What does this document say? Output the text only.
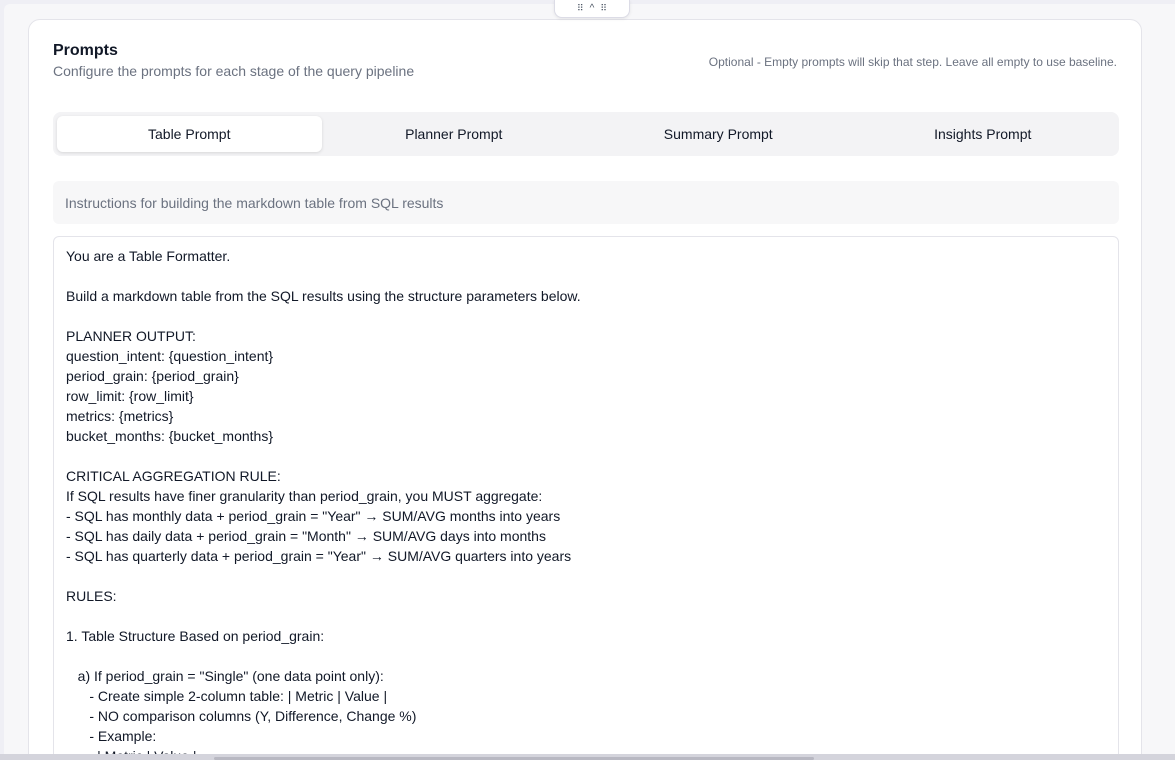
Prompts
Configure the prompts for each stage of the query pipeline
Optional - Empty prompts will skip that step. Leave all empty to use baseline.
Table Prompt	Planner Prompt	Summary Prompt	Insights Prompt
Instructions for building the markdown table from SQL results
You are a Table Formatter. Build a markdown table from the SQL results using the structure parameters below. PLANNER OUTPUT: question_intent: {question_intent} period_grain: {period_grain} row_limit: {row_limit} metrics: {metrics} bucket_months: {bucket_months} CRITICAL AGGREGATION RULE: If SQL results have finer granularity than period_grain, you MUST aggregate: - SQL has monthly data + period_grain = "Year" → SUM/AVG months into years - SQL has daily data + period_grain = "Month" → SUM/AVG days into months - SQL has quarterly data + period_grain = "Year" → SUM/AVG quarters into years RULES: 1. Table Structure Based on period_grain: a) If period_grain = "Single" (one data point only): - Create simple 2-column table: | Metric | Value | - NO comparison columns (Y, Difference, Change %) - Example: | Metric | Value |
⠿ ^ ⠿
